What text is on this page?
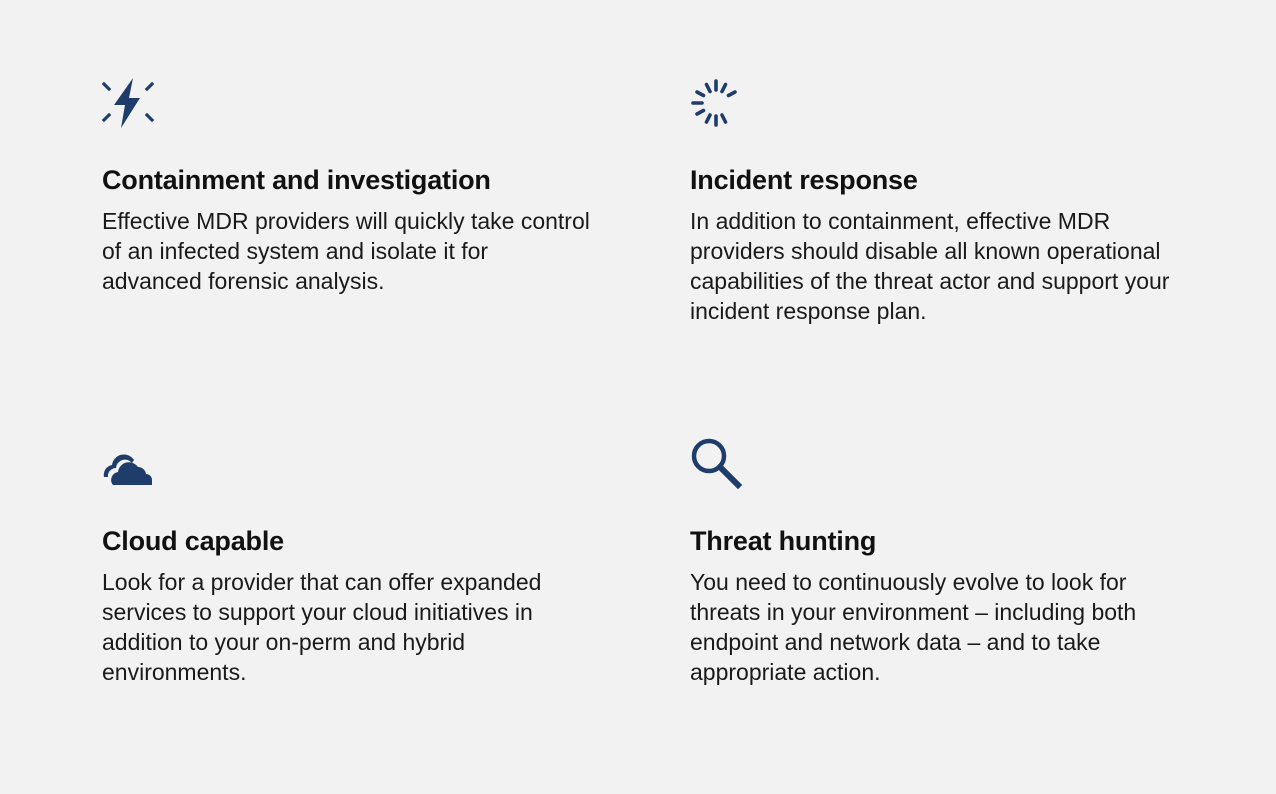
Containment and investigation

Effective MDR providers will quickly take control of an infected system and isolate it for advanced forensic analysis.

Incident response

In addition to containment, effective MDR providers should disable all known operational capabilities of the threat actor and support your incident response plan.

Cloud capable

Look for a provider that can offer expanded services to support your cloud initiatives in addition to your on-perm and hybrid environments.

Threat hunting

You need to continuously evolve to look for threats in your environment – including both endpoint and network data – and to take appropriate action.
